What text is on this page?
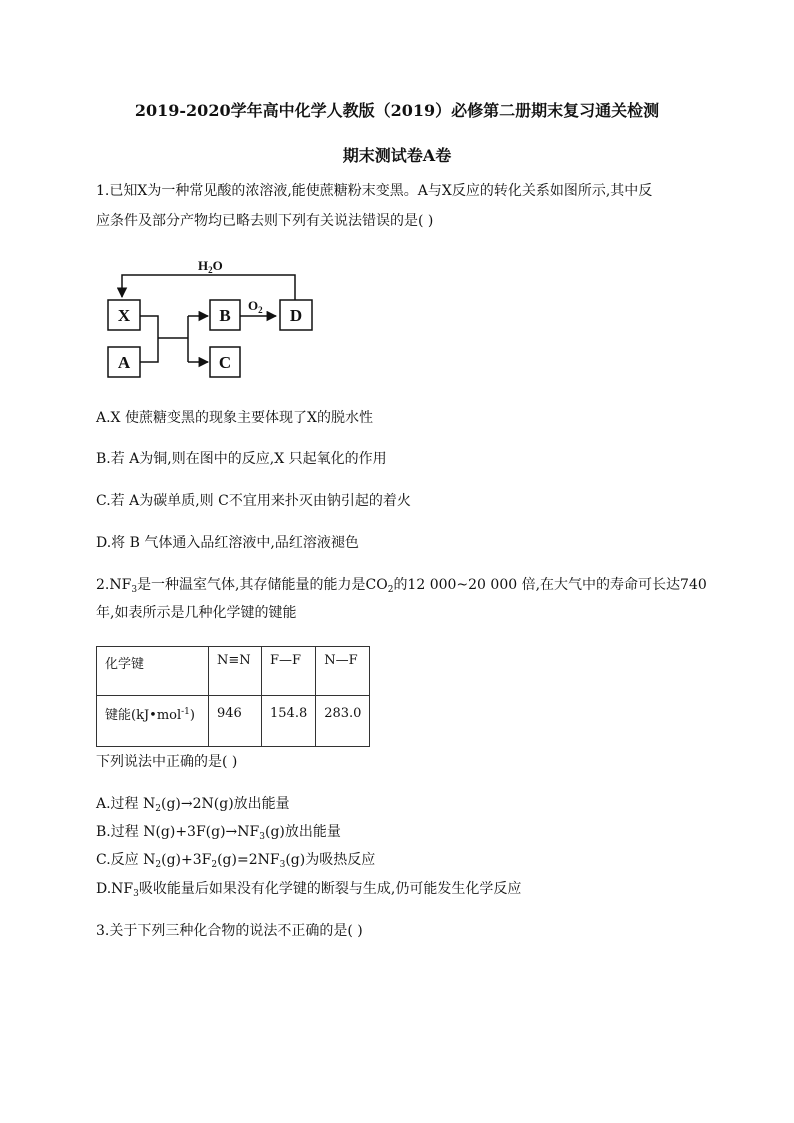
2019-2020学年高中化学人教版（2019）必修第二册期末复习通关检测
期末测试卷A卷

1.已知X为一种常见酸的浓溶液,能使蔗糖粉末变黑。A与X反应的转化关系如图所示,其中反

应条件及部分产物均已略去则下列有关说法错误的是( )

X
A
B
C
D
$H_2O$
$O_2$

A.X 使蔗糖变黑的现象主要体现了X的脱水性

B.若 A为铜,则在图中的反应,X 只起氧化的作用

C.若 A为碳单质,则 C不宜用来扑灭由钠引起的着火

D.将 B 气体通入品红溶液中,品红溶液褪色

$2.NF_3$是一种温室气体,其存储能量的能力是$CO_2$的12 000~20 000 倍,在大气中的寿命可长达740

年,如表所示是几种化学键的键能

化学键	N≡N	F—F	N—F
键能(kJ•mol$^{-1}$)	946	154.8	283.0

下列说法中正确的是( )

A.过程 $N_2(g)\to 2N(g)$放出能量

B.过程 $N(g)+3F(g)\to NF_3(g)$放出能量

C.反应 $N_2(g)+3F_2(g)=2NF_3(g)$为吸热反应

$D.NF_3$吸收能量后如果没有化学键的断裂与生成,仍可能发生化学反应

3.关于下列三种化合物的说法不正确的是( )
